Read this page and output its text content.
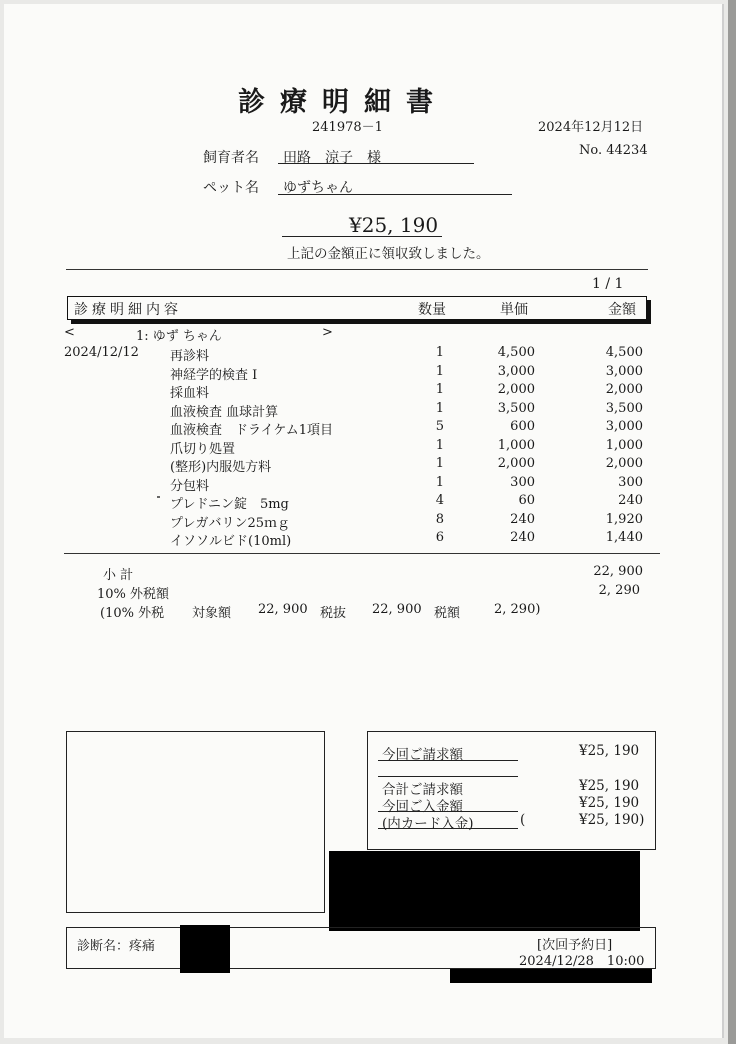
診療明細書
241978－1	2024年12月12日
No. 44234
飼育者名 田路　涼子　様
ペット名 ゆずちゃん
¥25, 190
上記の金額正に領収致しました。
1 / 1
診療明細内容	数量	単価	金額
<	1: ゆず ちゃん	>
2024/12/12 再診料	1	4,500	4,500
神経学的検査 I	1	3,000	3,000
採血料	1	2,000	2,000
血液検査 血球計算	1	3,500	3,500
血液検査　ドライケム1項目	5	600	3,000
爪切り処置	1	1,000	1,000
(整形)内服処方料	1	2,000	2,000
分包料	1	300	300
プレドニン錠　5mg	4	60	240
プレガバリン25ｍｇ	8	240	1,920
イソソルビド(10ml)	6	240	1,440
小 計	22, 900
10% 外税額	2, 290
(10% 外税 対象額 22, 900 税抜 22, 900 税額	2, 290)
今回ご請求額	¥25, 190
合計ご請求額	¥25, 190
今回ご入金額	¥25, 190
(内カード入金)	(	¥25, 190)
診断名：疼痛	[次回予約日]
2024/12/28　10:00
